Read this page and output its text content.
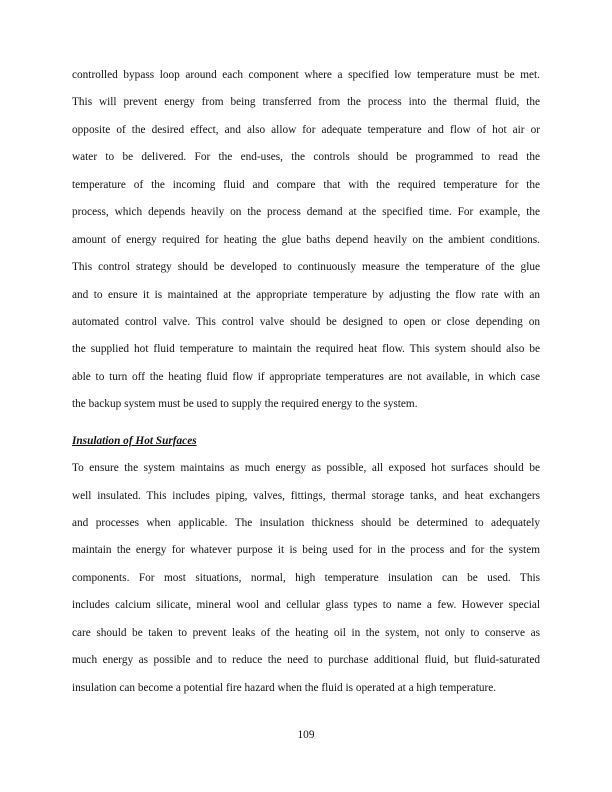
controlled bypass loop around each component where a specified low temperature must be met.
This will prevent energy from being transferred from the process into the thermal fluid, the
opposite of the desired effect, and also allow for adequate temperature and flow of hot air or
water to be delivered. For the end-uses, the controls should be programmed to read the
temperature of the incoming fluid and compare that with the required temperature for the
process, which depends heavily on the process demand at the specified time. For example, the
amount of energy required for heating the glue baths depend heavily on the ambient conditions.
This control strategy should be developed to continuously measure the temperature of the glue
and to ensure it is maintained at the appropriate temperature by adjusting the flow rate with an
automated control valve. This control valve should be designed to open or close depending on
the supplied hot fluid temperature to maintain the required heat flow. This system should also be
able to turn off the heating fluid flow if appropriate temperatures are not available, in which case
the backup system must be used to supply the required energy to the system.

Insulation of Hot Surfaces

To ensure the system maintains as much energy as possible, all exposed hot surfaces should be
well insulated. This includes piping, valves, fittings, thermal storage tanks, and heat exchangers
and processes when applicable. The insulation thickness should be determined to adequately
maintain the energy for whatever purpose it is being used for in the process and for the system
components. For most situations, normal, high temperature insulation can be used. This
includes calcium silicate, mineral wool and cellular glass types to name a few. However special
care should be taken to prevent leaks of the heating oil in the system, not only to conserve as
much energy as possible and to reduce the need to purchase additional fluid, but fluid-saturated
insulation can become a potential fire hazard when the fluid is operated at a high temperature.

109
